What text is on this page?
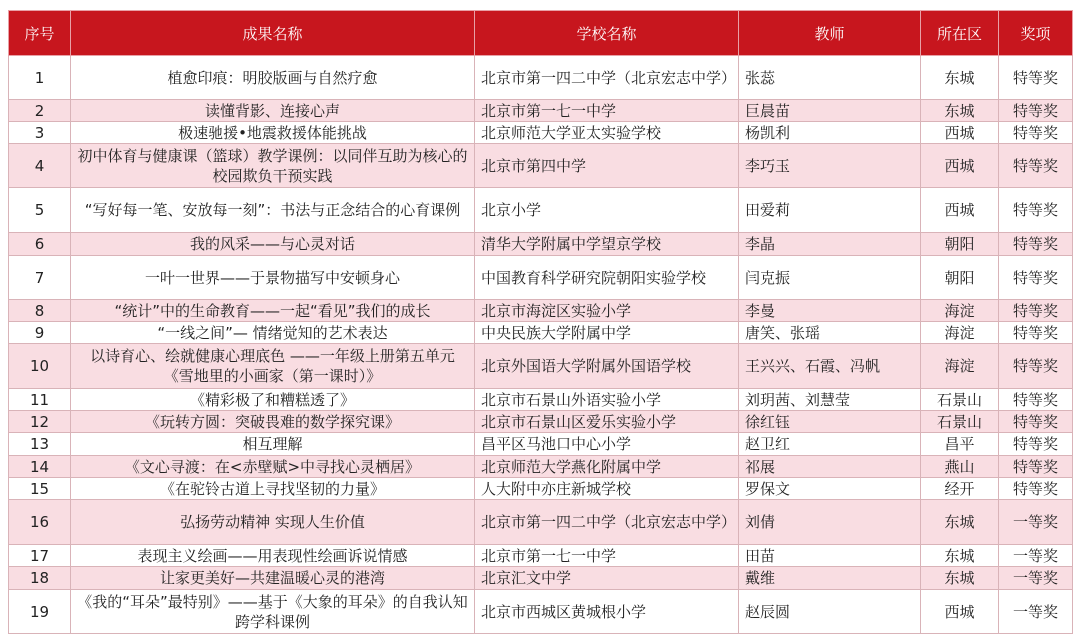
序号	成果名称	学校名称	教师	所在区	奖项
1	植愈印痕：明胶版画与自然疗愈	北京市第一四二中学（北京宏志中学）	张蕊	东城	特等奖
2	读懂背影、连接心声	北京市第一七一中学	巨晨苗	东城	特等奖
3	极速驰援•地震救援体能挑战	北京师范大学亚太实验学校	杨凯利	西城	特等奖
4	初中体育与健康课（篮球）教学课例：以同伴互助为核心的校园欺负干预实践	北京市第四中学	李巧玉	西城	特等奖
5	“写好每一笔、安放每一刻”：书法与正念结合的心育课例	北京小学	田爱莉	西城	特等奖
6	我的风采——与心灵对话	清华大学附属中学望京学校	李晶	朝阳	特等奖
7	一叶一世界——于景物描写中安顿身心	中国教育科学研究院朝阳实验学校	闫克振	朝阳	特等奖
8	“统计”中的生命教育——一起“看见”我们的成长	北京市海淀区实验小学	李曼	海淀	特等奖
9	“一线之间”— 情绪觉知的艺术表达	中央民族大学附属中学	唐笑、张瑶	海淀	特等奖
10	以诗育心、绘就健康心理底色 ——一年级上册第五单元《雪地里的小画家（第一课时）》	北京外国语大学附属外国语学校	王兴兴、石霞、冯帆	海淀	特等奖
11	《精彩极了和糟糕透了》	北京市石景山外语实验小学	刘玥茜、刘慧莹	石景山	特等奖
12	《玩转方圆：突破畏难的数学探究课》	北京市石景山区爱乐实验小学	徐红钰	石景山	特等奖
13	相互理解	昌平区马池口中心小学	赵卫红	昌平	特等奖
14	《文心寻渡：在<赤壁赋>中寻找心灵栖居》	北京师范大学燕化附属中学	祁展	燕山	特等奖
15	《在驼铃古道上寻找坚韧的力量》	人大附中亦庄新城学校	罗保文	经开	特等奖
16	弘扬劳动精神 实现人生价值	北京市第一四二中学（北京宏志中学）	刘倩	东城	一等奖
17	表现主义绘画——用表现性绘画诉说情感	北京市第一七一中学	田苗	东城	一等奖
18	让家更美好—共建温暖心灵的港湾	北京汇文中学	戴维	东城	一等奖
19	《我的“耳朵”最特别》——基于《大象的耳朵》的自我认知跨学科课例	北京市西城区黄城根小学	赵辰圆	西城	一等奖
